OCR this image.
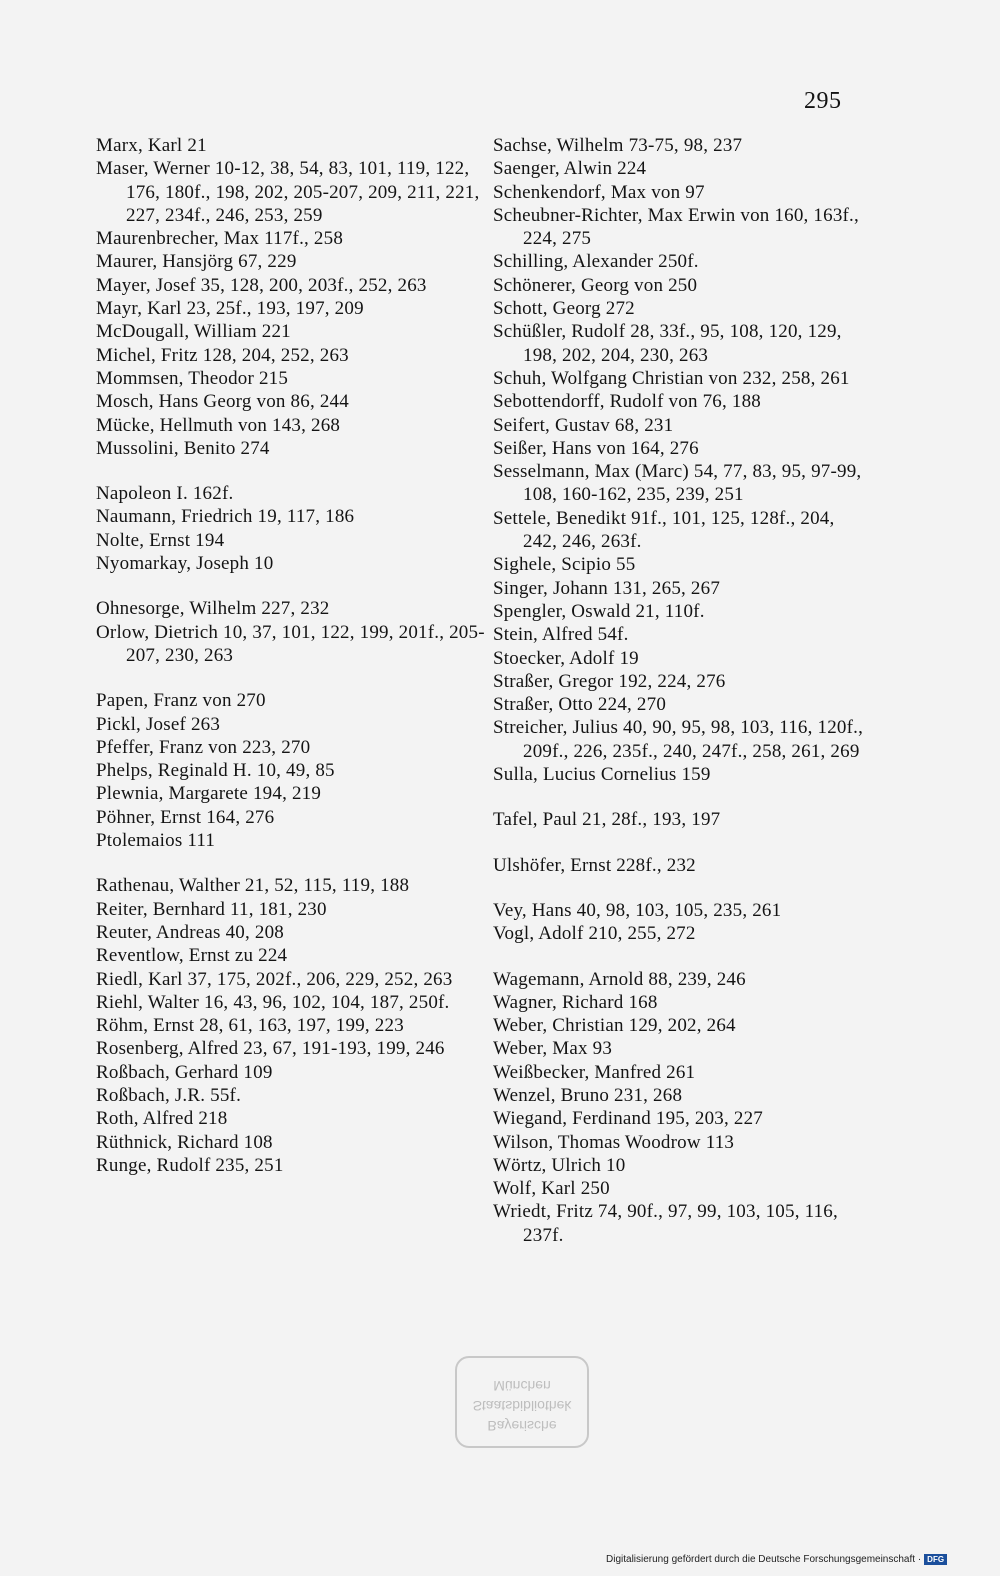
295
Marx, Karl 21
Maser, Werner 10-12, 38, 54, 83, 101, 119, 122, 176, 180f., 198, 202, 205-207, 209, 211, 221, 227, 234f., 246, 253, 259
Maurenbrecher, Max 117f., 258
Maurer, Hansjörg 67, 229
Mayer, Josef 35, 128, 200, 203f., 252, 263
Mayr, Karl 23, 25f., 193, 197, 209
McDougall, William 221
Michel, Fritz 128, 204, 252, 263
Mommsen, Theodor 215
Mosch, Hans Georg von 86, 244
Mücke, Hellmuth von 143, 268
Mussolini, Benito 274
Napoleon I. 162f.
Naumann, Friedrich 19, 117, 186
Nolte, Ernst 194
Nyomarkay, Joseph 10
Ohnesorge, Wilhelm 227, 232
Orlow, Dietrich 10, 37, 101, 122, 199, 201f., 205-207, 230, 263
Papen, Franz von 270
Pickl, Josef 263
Pfeffer, Franz von 223, 270
Phelps, Reginald H. 10, 49, 85
Plewnia, Margarete 194, 219
Pöhner, Ernst 164, 276
Ptolemaios 111
Rathenau, Walther 21, 52, 115, 119, 188
Reiter, Bernhard 11, 181, 230
Reuter, Andreas 40, 208
Reventlow, Ernst zu 224
Riedl, Karl 37, 175, 202f., 206, 229, 252, 263
Riehl, Walter 16, 43, 96, 102, 104, 187, 250f.
Röhm, Ernst 28, 61, 163, 197, 199, 223
Rosenberg, Alfred 23, 67, 191-193, 199, 246
Roßbach, Gerhard 109
Roßbach, J.R. 55f.
Roth, Alfred 218
Rüthnick, Richard 108
Runge, Rudolf 235, 251
Sachse, Wilhelm 73-75, 98, 237
Saenger, Alwin 224
Schenkendorf, Max von 97
Scheubner-Richter, Max Erwin von 160, 163f., 224, 275
Schilling, Alexander 250f.
Schönerer, Georg von 250
Schott, Georg 272
Schüßler, Rudolf 28, 33f., 95, 108, 120, 129, 198, 202, 204, 230, 263
Schuh, Wolfgang Christian von 232, 258, 261
Sebottendorff, Rudolf von 76, 188
Seifert, Gustav 68, 231
Seißer, Hans von 164, 276
Sesselmann, Max (Marc) 54, 77, 83, 95, 97-99, 108, 160-162, 235, 239, 251
Settele, Benedikt 91f., 101, 125, 128f., 204, 242, 246, 263f.
Sighele, Scipio 55
Singer, Johann 131, 265, 267
Spengler, Oswald 21, 110f.
Stein, Alfred 54f.
Stoecker, Adolf 19
Straßer, Gregor 192, 224, 276
Straßer, Otto 224, 270
Streicher, Julius 40, 90, 95, 98, 103, 116, 120f., 209f., 226, 235f., 240, 247f., 258, 261, 269
Sulla, Lucius Cornelius 159
Tafel, Paul 21, 28f., 193, 197
Ulshöfer, Ernst 228f., 232
Vey, Hans 40, 98, 103, 105, 235, 261
Vogl, Adolf 210, 255, 272
Wagemann, Arnold 88, 239, 246
Wagner, Richard 168
Weber, Christian 129, 202, 264
Weber, Max 93
Weißbecker, Manfred 261
Wenzel, Bruno 231, 268
Wiegand, Ferdinand 195, 203, 227
Wilson, Thomas Woodrow 113
Wörtz, Ulrich 10
Wolf, Karl 250
Wriedt, Fritz 74, 90f., 97, 99, 103, 105, 116, 237f.
Bayerische
Staatsbibliothek
München
Digitalisierung gefördert durch die Deutsche Forschungsgemeinschaft · DFG
